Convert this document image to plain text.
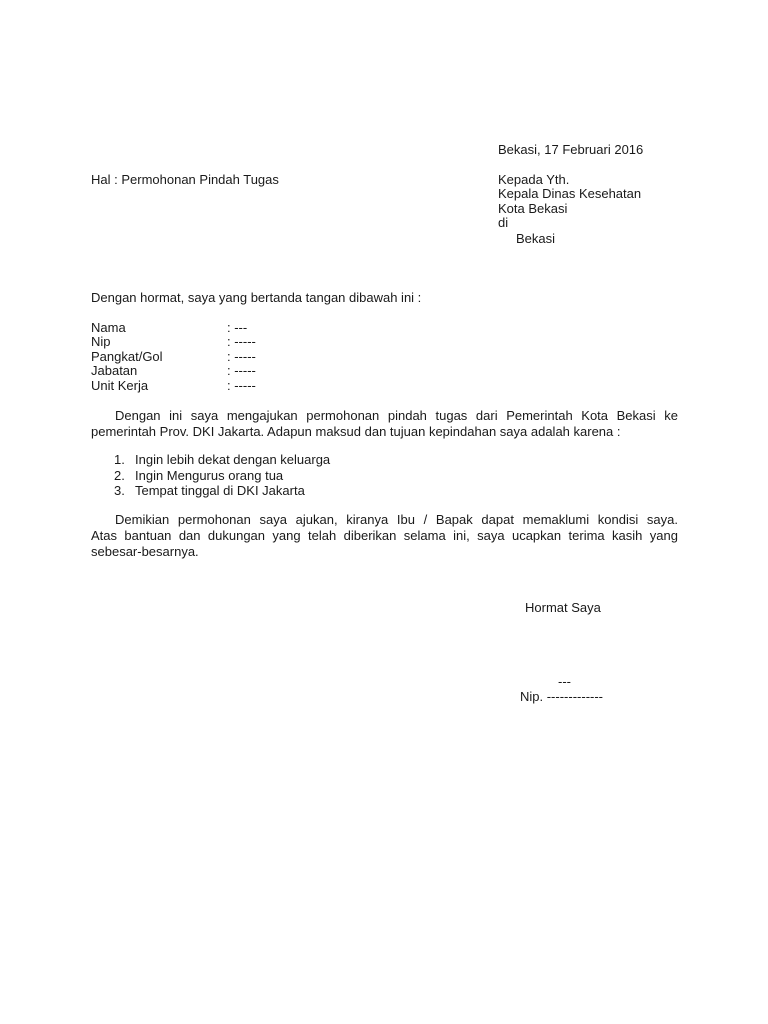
Bekasi, 17 Februari 2016
Hal : Permohonan Pindah Tugas	Kepada Yth.
Kepala Dinas Kesehatan
Kota Bekasi
di
Bekasi
Dengan hormat, saya yang bertanda tangan dibawah ini :
Nama	: ---
Nip	: -----
Pangkat/Gol	: -----
Jabatan	: -----
Unit Kerja	: -----
Dengan ini saya mengajukan permohonan pindah tugas dari Pemerintah Kota Bekasi ke
pemerintah Prov. DKI Jakarta. Adapun maksud dan tujuan kepindahan saya adalah karena :
1. Ingin lebih dekat dengan keluarga
2. Ingin Mengurus orang tua
3. Tempat tinggal di DKI Jakarta
Demikian permohonan saya ajukan, kiranya Ibu / Bapak dapat memaklumi kondisi saya.
Atas bantuan dan dukungan yang telah diberikan selama ini, saya ucapkan terima kasih yang
sebesar-besarnya.
Hormat Saya
---
Nip. -------------
